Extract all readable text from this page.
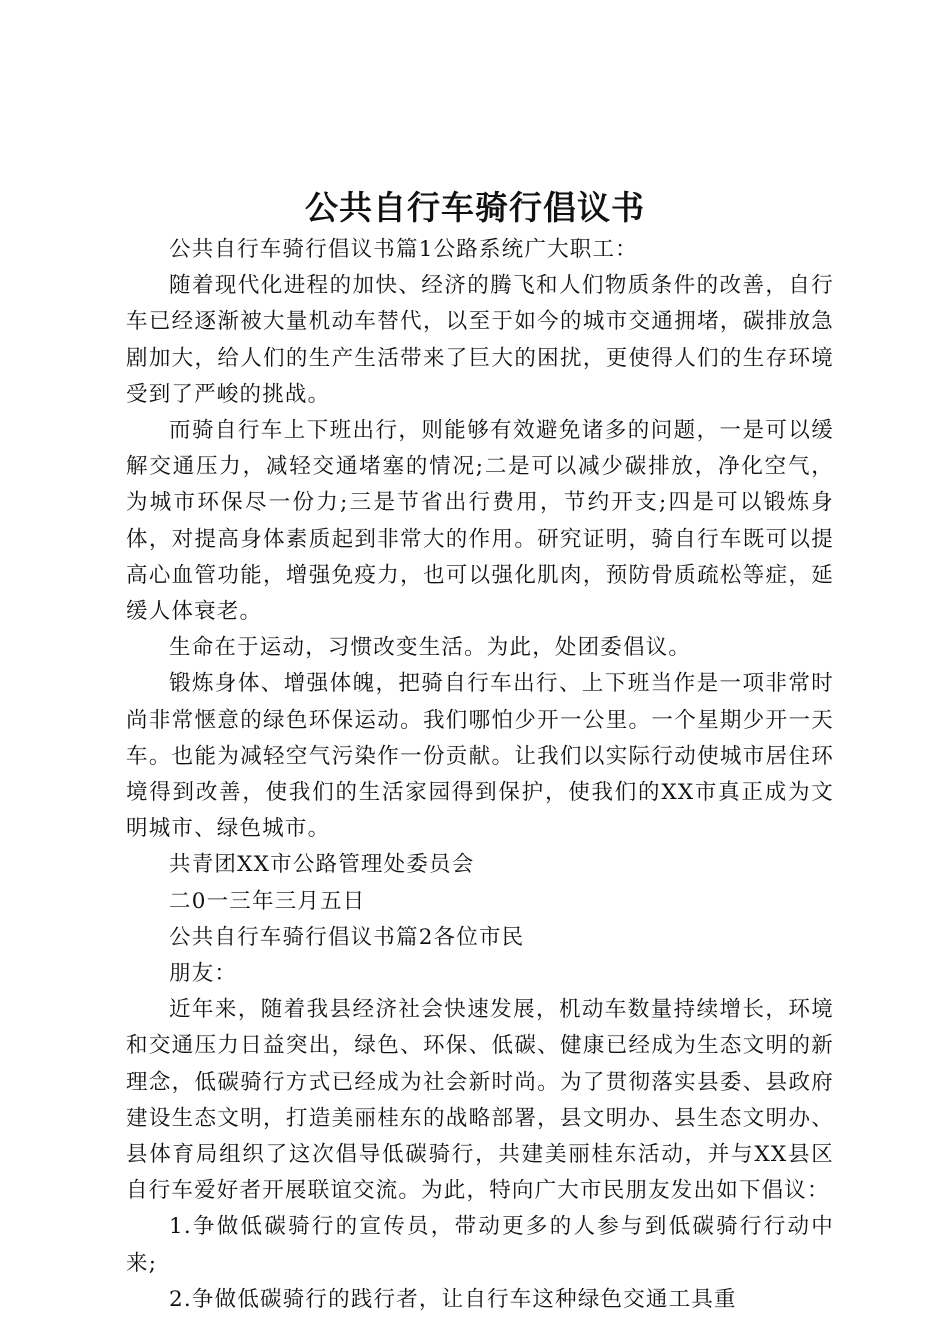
公共自行车骑行倡议书

公共自行车骑行倡议书篇1公路系统广大职工：

随着现代化进程的加快、经济的腾飞和人们物质条件的改善，自行车已经逐渐被大量机动车替代，以至于如今的城市交通拥堵，碳排放急剧加大，给人们的生产生活带来了巨大的困扰，更使得人们的生存环境受到了严峻的挑战。

而骑自行车上下班出行，则能够有效避免诸多的问题，一是可以缓解交通压力，减轻交通堵塞的情况;二是可以减少碳排放，净化空气，为城市环保尽一份力;三是节省出行费用，节约开支;四是可以锻炼身体，对提高身体素质起到非常大的作用。研究证明，骑自行车既可以提高心血管功能，增强免疫力，也可以强化肌肉，预防骨质疏松等症，延缓人体衰老。

生命在于运动，习惯改变生活。为此，处团委倡议。

锻炼身体、增强体魄，把骑自行车出行、上下班当作是一项非常时尚非常惬意的绿色环保运动。我们哪怕少开一公里。一个星期少开一天车。也能为减轻空气污染作一份贡献。让我们以实际行动使城市居住环境得到改善，使我们的生活家园得到保护，使我们的XX市真正成为文明城市、绿色城市。

共青团XX市公路管理处委员会

二0一三年三月五日

公共自行车骑行倡议书篇2各位市民

朋友：

近年来，随着我县经济社会快速发展，机动车数量持续增长，环境和交通压力日益突出，绿色、环保、低碳、健康已经成为生态文明的新理念，低碳骑行方式已经成为社会新时尚。为了贯彻落实县委、县政府建设生态文明，打造美丽桂东的战略部署，县文明办、县生态文明办、县体育局组织了这次倡导低碳骑行，共建美丽桂东活动，并与XX县区自行车爱好者开展联谊交流。为此，特向广大市民朋友发出如下倡议：

1.争做低碳骑行的宣传员，带动更多的人参与到低碳骑行行动中来;

2.争做低碳骑行的践行者，让自行车这种绿色交通工具重
